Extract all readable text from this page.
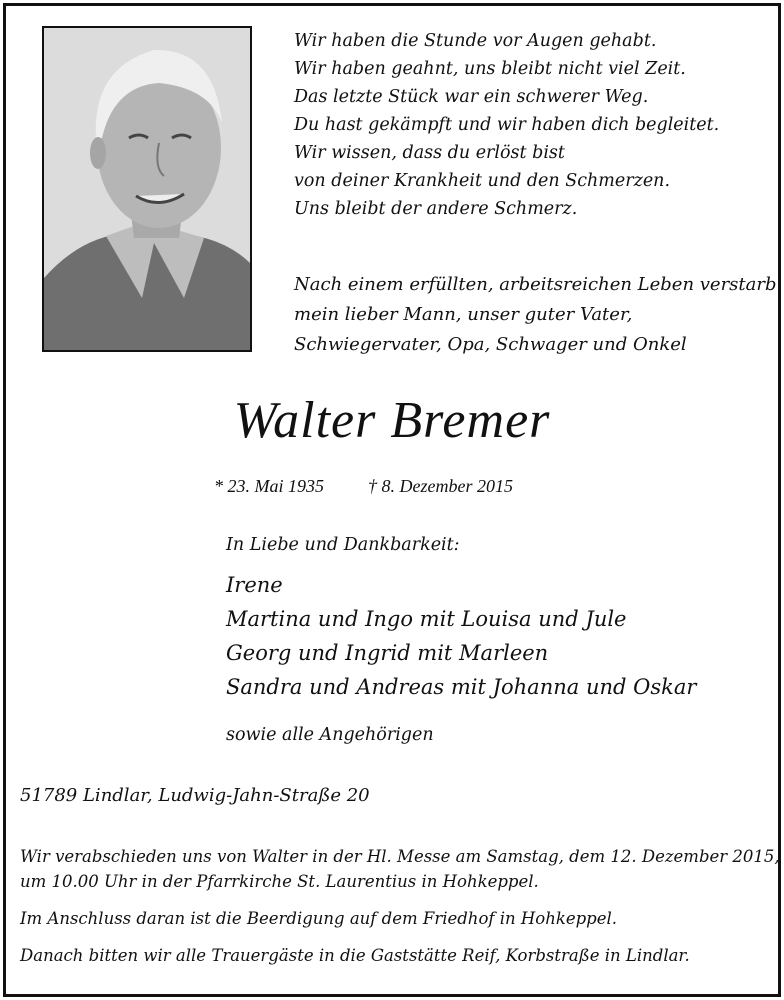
Wir haben die Stunde vor Augen gehabt.
Wir haben geahnt, uns bleibt nicht viel Zeit.
Das letzte Stück war ein schwerer Weg.
Du hast gekämpft und wir haben dich begleitet.
Wir wissen, dass du erlöst bist
von deiner Krankheit und den Schmerzen.
Uns bleibt der andere Schmerz.
Nach einem erfüllten, arbeitsreichen Leben verstarb
mein lieber Mann, unser guter Vater,
Schwiegervater, Opa, Schwager und Onkel
Walter Bremer
* 23. Mai 1935 † 8. Dezember 2015
In Liebe und Dankbarkeit:
Irene
Martina und Ingo mit Louisa und Jule
Georg und Ingrid mit Marleen
Sandra und Andreas mit Johanna und Oskar
sowie alle Angehörigen
51789 Lindlar, Ludwig-Jahn-Straße 20
Wir verabschieden uns von Walter in der Hl. Messe am Samstag, dem 12. Dezember 2015,
um 10.00 Uhr in der Pfarrkirche St. Laurentius in Hohkeppel.
Im Anschluss daran ist die Beerdigung auf dem Friedhof in Hohkeppel.
Danach bitten wir alle Trauergäste in die Gaststätte Reif, Korbstraße in Lindlar.
